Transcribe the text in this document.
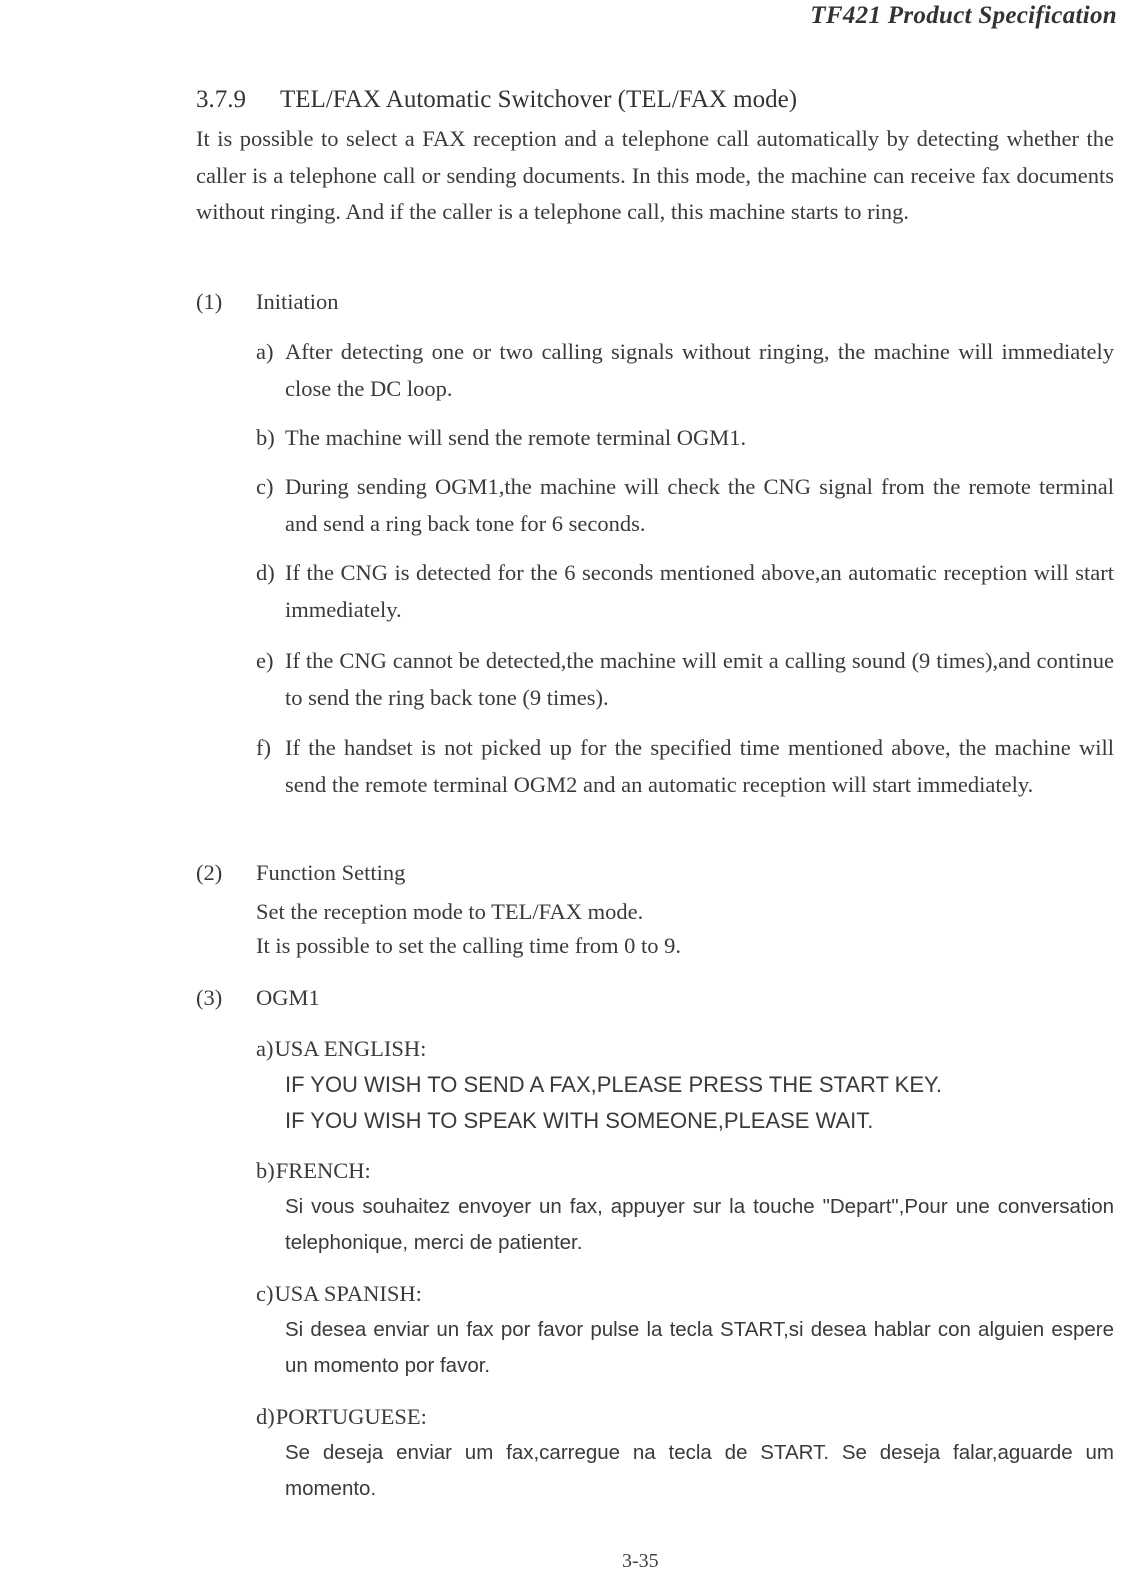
TF421 Product Specification
3.7.9 TEL/FAX Automatic Switchover (TEL/FAX mode)

It is possible to select a FAX reception and a telephone call automatically by detecting whether the caller is a telephone call or sending documents. In this mode, the machine can receive fax documents without ringing. And if the caller is a telephone call, this machine starts to ring.

(1) Initiation
a) After detecting one or two calling signals without ringing, the machine will immediately close the DC loop.
b) The machine will send the remote terminal OGM1.
c) During sending OGM1,the machine will check the CNG signal from the remote terminal and send a ring back tone for 6 seconds.
d) If the CNG is detected for the 6 seconds mentioned above,an automatic reception will start immediately.
e) If the CNG cannot be detected,the machine will emit a calling sound (9 times),and continue to send the ring back tone (9 times).
f) If the handset is not picked up for the specified time mentioned above, the machine will send the remote terminal OGM2 and an automatic reception will start immediately.
(2) Function Setting
Set the reception mode to TEL/FAX mode.
It is possible to set the calling time from 0 to 9.
(3) OGM1
a)USA ENGLISH:
IF YOU WISH TO SEND A FAX,PLEASE PRESS THE START KEY.
IF YOU WISH TO SPEAK WITH SOMEONE,PLEASE WAIT.
b)FRENCH:
Si vous souhaitez envoyer un fax, appuyer sur la touche "Depart",Pour une conversation telephonique, merci de patienter.
c)USA SPANISH:
Si desea enviar un fax por favor pulse la tecla START,si desea hablar con alguien espere un momento por favor.
d)PORTUGUESE:
Se deseja enviar um fax,carregue na tecla de START. Se deseja falar,aguarde um momento.
3-35
